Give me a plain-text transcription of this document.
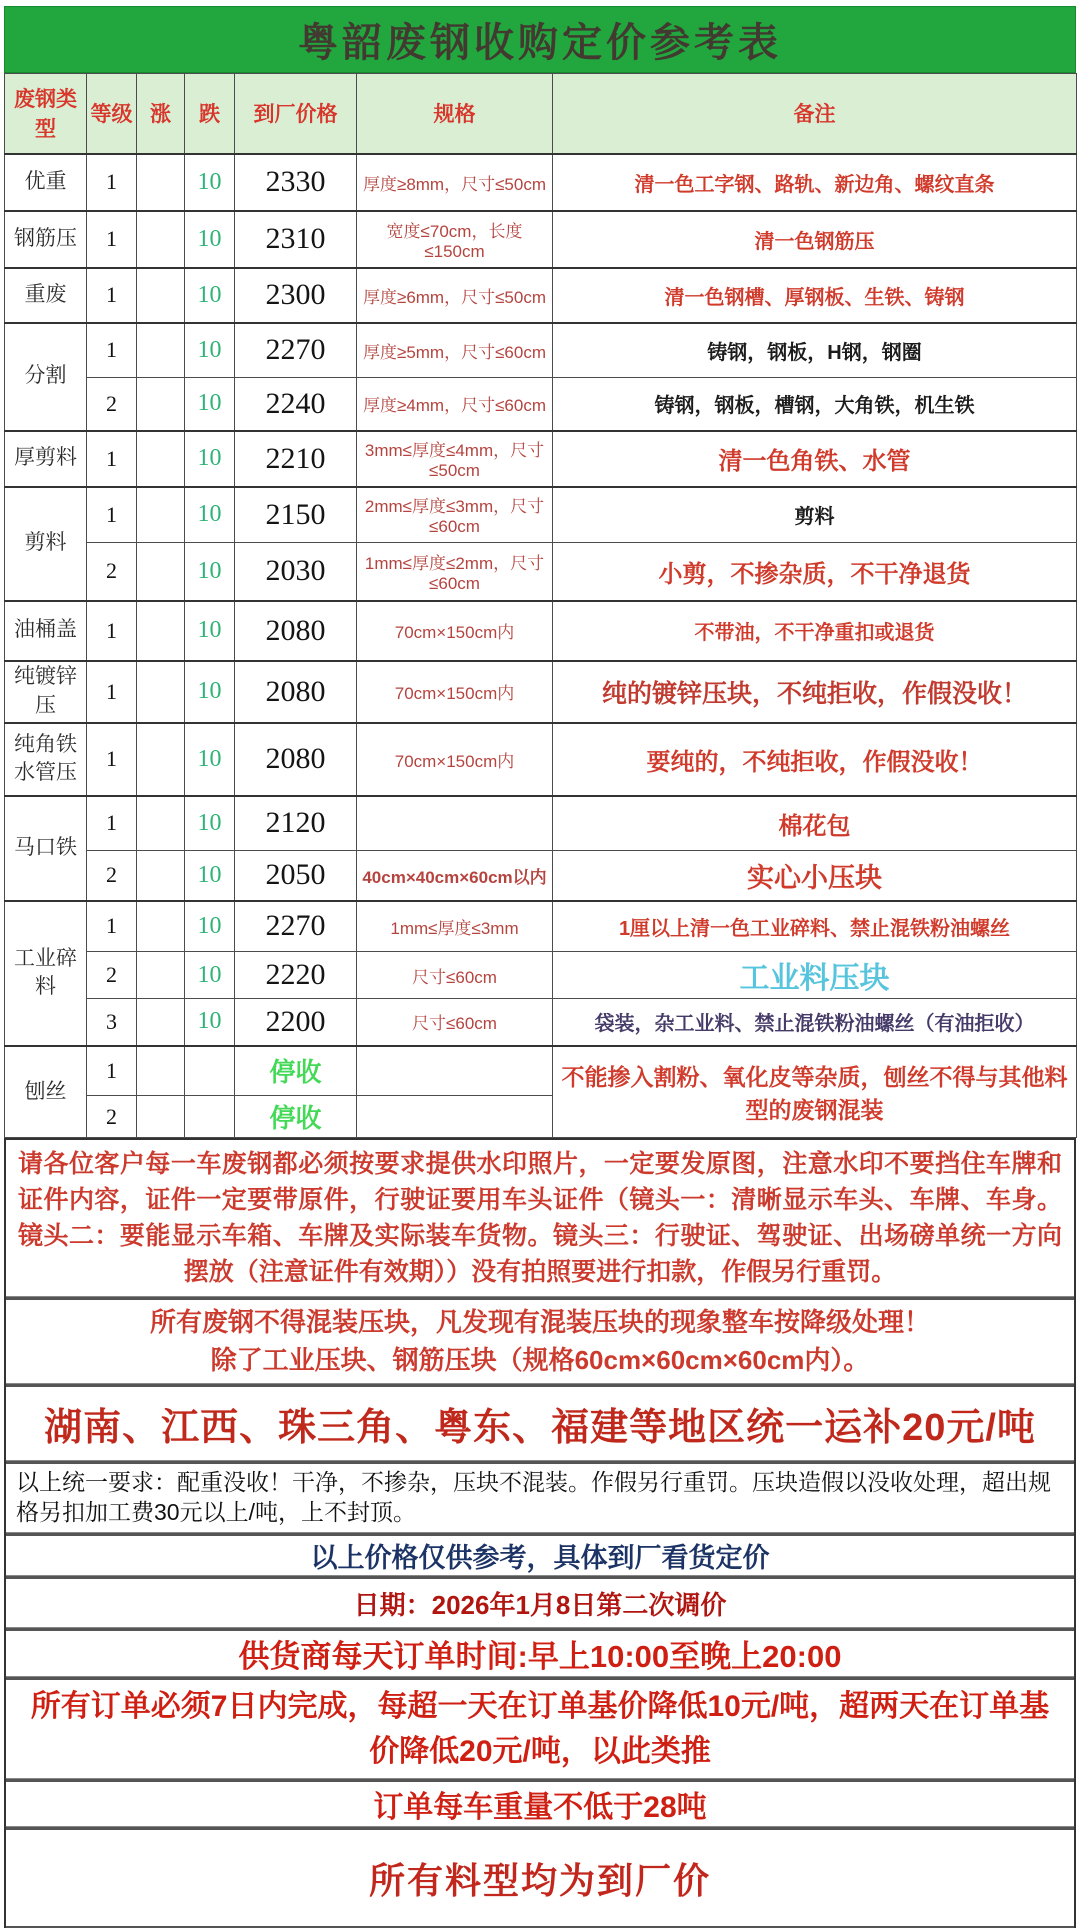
粤韶废钢收购定价参考表
废钢类型	等级	涨	跌	到厂价格	规格	备注
优重	1		10	2330	厚度≥8mm，尺寸≤50cm	清一色工字钢、路轨、新边角、螺纹直条
钢筋压	1		10	2310	宽度≤70cm，长度≤150cm	清一色钢筋压
重废	1		10	2300	厚度≥6mm，尺寸≤50cm	清一色钢槽、厚钢板、生铁、铸钢
分割	1		10	2270	厚度≥5mm，尺寸≤60cm	铸钢，钢板，H钢，钢圈
	2		10	2240	厚度≥4mm，尺寸≤60cm	铸钢，钢板，槽钢，大角铁，机生铁
厚剪料	1		10	2210	3mm≤厚度≤4mm，尺寸≤50cm	清一色角铁、水管
剪料	1		10	2150	2mm≤厚度≤3mm，尺寸≤60cm	剪料
	2		10	2030	1mm≤厚度≤2mm，尺寸≤60cm	小剪，不掺杂质，不干净退货
油桶盖	1		10	2080	70cm×150cm内	不带油，不干净重扣或退货
纯镀锌压	1		10	2080	70cm×150cm内	纯的镀锌压块，不纯拒收，作假没收！
纯角铁 水管压	1		10	2080	70cm×150cm内	要纯的，不纯拒收，作假没收！
马口铁	1		10	2120		棉花包
	2		10	2050	40cm×40cm×60cm以内	实心小压块
工业碎料	1		10	2270	1mm≤厚度≤3mm	1厘以上清一色工业碎料、禁止混铁粉油螺丝
	2		10	2220	尺寸≤60cm	工业料压块
	3		10	2200	尺寸≤60cm	袋装，杂工业料、禁止混铁粉油螺丝（有油拒收）
刨丝	1			停收		不能掺入割粉、氧化皮等杂质，刨丝不得与其他料型的废钢混装
	2			停收		

请各位客户每一车废钢都必须按要求提供水印照片，一定要发原图，注意水印不要挡住车牌和证件内容，证件一定要带原件，行驶证要用车头证件（镜头一：清晰显示车头、车牌、车身。镜头二：要能显示车箱、车牌及实际装车货物。镜头三：行驶证、驾驶证、出场磅单统一方向摆放（注意证件有效期））没有拍照要进行扣款，作假另行重罚。

所有废钢不得混装压块，凡发现有混装压块的现象整车按降级处理！
除了工业压块、钢筋压块（规格60cm×60cm×60cm内）。
湖南、江西、珠三角、粤东、福建等地区统一运补20元/吨

以上统一要求：配重没收！干净，不掺杂，压块不混装。作假另行重罚。压块造假以没收处理，超出规格另扣加工费30元以上/吨，上不封顶。

以上价格仅供参考，具体到厂看货定价
日期：2026年1月8日第二次调价
供货商每天订单时间:早上10:00至晚上20:00
所有订单必须7日内完成，每超一天在订单基价降低10元/吨，超两天在订单基价降低20元/吨，以此类推
订单每车重量不低于28吨
所有料型均为到厂价
